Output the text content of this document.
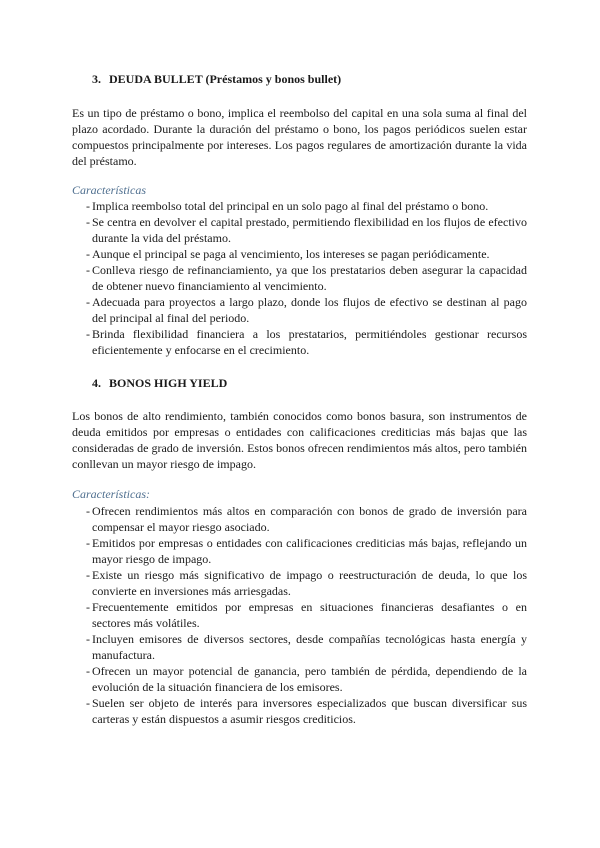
3. DEUDA BULLET (Préstamos y bonos bullet)
Es un tipo de préstamo o bono, implica el reembolso del capital en una sola suma al final del plazo acordado. Durante la duración del préstamo o bono, los pagos periódicos suelen estar compuestos principalmente por intereses. Los pagos regulares de amortización durante la vida del préstamo.
Características
- Implica reembolso total del principal en un solo pago al final del préstamo o bono.
- Se centra en devolver el capital prestado, permitiendo flexibilidad en los flujos de efectivo durante la vida del préstamo.
- Aunque el principal se paga al vencimiento, los intereses se pagan periódicamente.
- Conlleva riesgo de refinanciamiento, ya que los prestatarios deben asegurar la capacidad de obtener nuevo financiamiento al vencimiento.
- Adecuada para proyectos a largo plazo, donde los flujos de efectivo se destinan al pago del principal al final del periodo.
- Brinda flexibilidad financiera a los prestatarios, permitiéndoles gestionar recursos eficientemente y enfocarse en el crecimiento.
4. BONOS HIGH YIELD
Los bonos de alto rendimiento, también conocidos como bonos basura, son instrumentos de deuda emitidos por empresas o entidades con calificaciones crediticias más bajas que las consideradas de grado de inversión. Estos bonos ofrecen rendimientos más altos, pero también conllevan un mayor riesgo de impago.
Características:
- Ofrecen rendimientos más altos en comparación con bonos de grado de inversión para compensar el mayor riesgo asociado.
- Emitidos por empresas o entidades con calificaciones crediticias más bajas, reflejando un mayor riesgo de impago.
- Existe un riesgo más significativo de impago o reestructuración de deuda, lo que los convierte en inversiones más arriesgadas.
- Frecuentemente emitidos por empresas en situaciones financieras desafiantes o en sectores más volátiles.
- Incluyen emisores de diversos sectores, desde compañías tecnológicas hasta energía y manufactura.
- Ofrecen un mayor potencial de ganancia, pero también de pérdida, dependiendo de la evolución de la situación financiera de los emisores.
- Suelen ser objeto de interés para inversores especializados que buscan diversificar sus carteras y están dispuestos a asumir riesgos crediticios.
